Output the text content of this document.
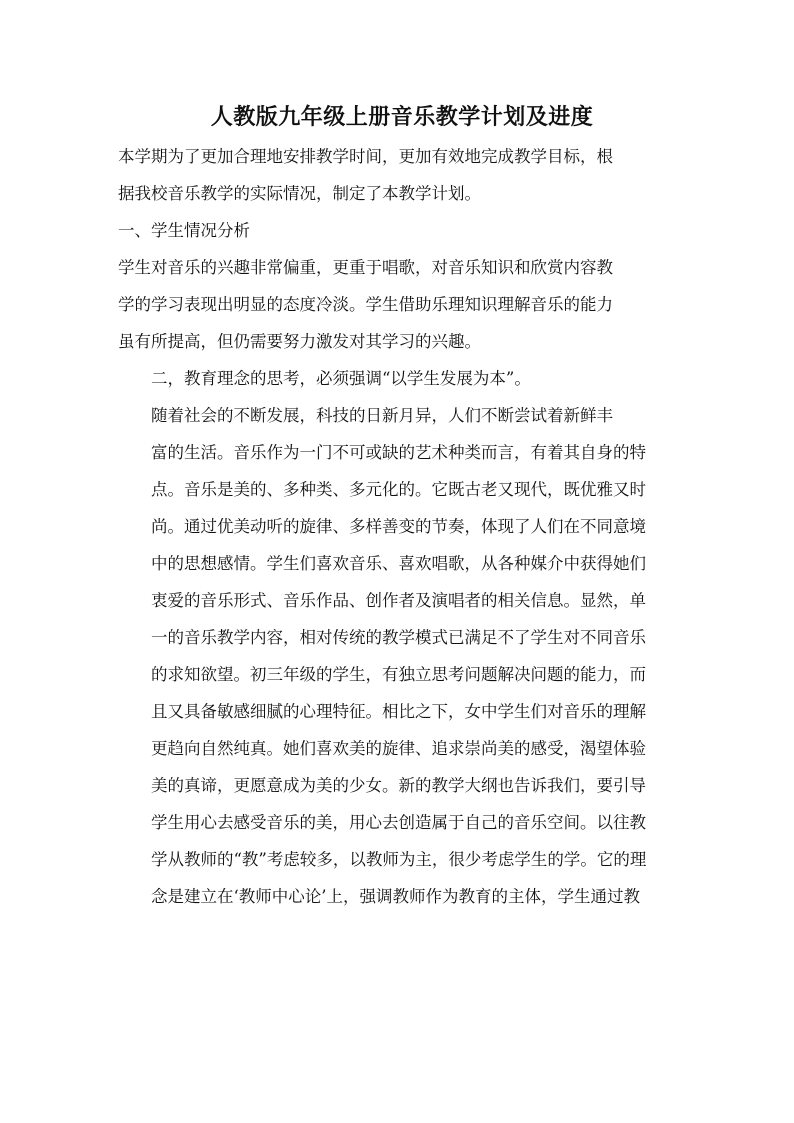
人教版九年级上册音乐教学计划及进度

本学期为了更加合理地安排教学时间，更加有效地完成教学目标，根
据我校音乐教学的实际情况，制定了本教学计划。

一、学生情况分析

学生对音乐的兴趣非常偏重，更重于唱歌，对音乐知识和欣赏内容教
学的学习表现出明显的态度冷淡。学生借助乐理知识理解音乐的能力
虽有所提高，但仍需要努力激发对其学习的兴趣。

二，教育理念的思考，必须强调“以学生发展为本”。

随着社会的不断发展，科技的日新月异，人们不断尝试着新鲜丰
富的生活。音乐作为一门不可或缺的艺术种类而言，有着其自身的特
点。音乐是美的、多种类、多元化的。它既古老又现代，既优雅又时
尚。通过优美动听的旋律、多样善变的节奏，体现了人们在不同意境
中的思想感情。学生们喜欢音乐、喜欢唱歌，从各种媒介中获得她们
衷爱的音乐形式、音乐作品、创作者及演唱者的相关信息。显然，单
一的音乐教学内容，相对传统的教学模式已满足不了学生对不同音乐
的求知欲望。初三年级的学生，有独立思考问题解决问题的能力，而
且又具备敏感细腻的心理特征。相比之下，女中学生们对音乐的理解
更趋向自然纯真。她们喜欢美的旋律、追求崇尚美的感受，渴望体验
美的真谛，更愿意成为美的少女。新的教学大纲也告诉我们，要引导
学生用心去感受音乐的美，用心去创造属于自己的音乐空间。以往教
学从教师的“教”考虑较多，以教师为主，很少考虑学生的学。它的理
念是建立在‘教师中心论’上，强调教师作为教育的主体，学生通过教
